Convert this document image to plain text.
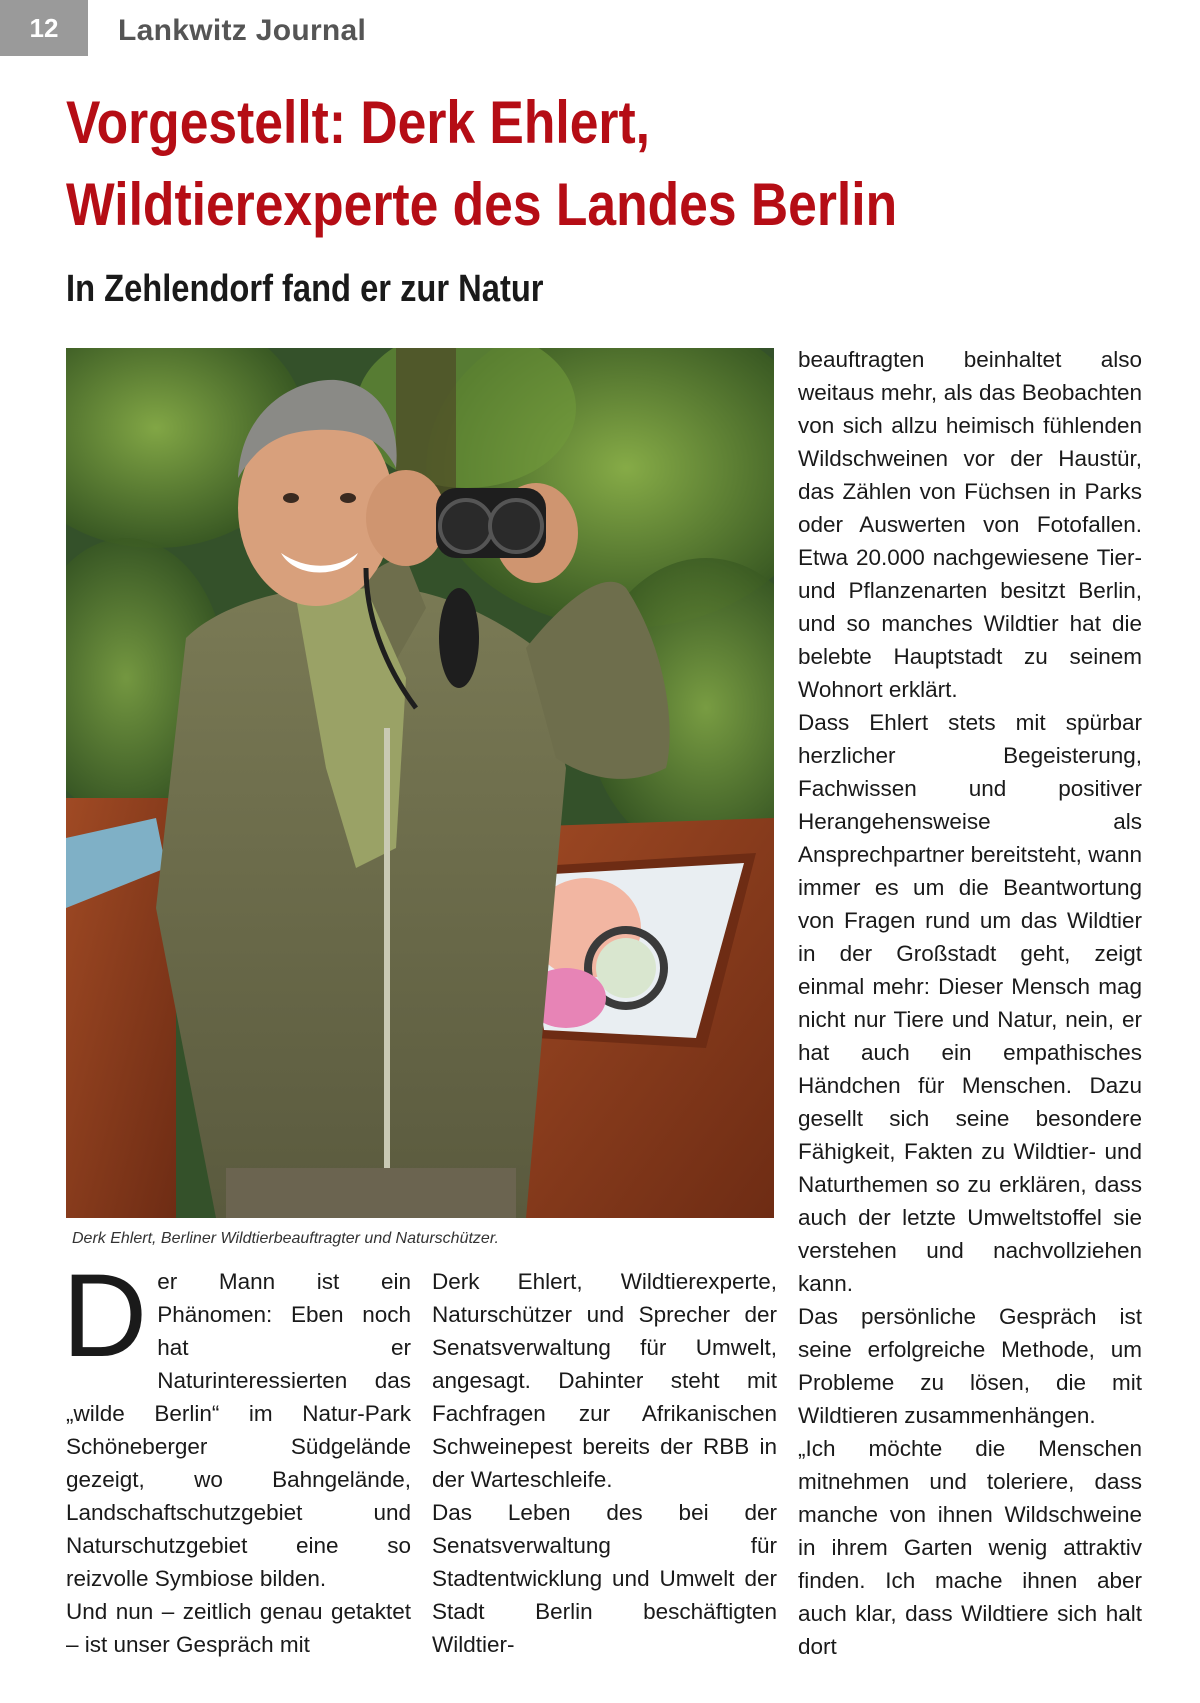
12	Lankwitz Journal
Vorgestellt: Derk Ehlert,
Wildtierexperte des Landes Berlin
In Zehlendorf fand er zur Natur
Derk Ehlert, Berliner Wildtierbeauftragter und Naturschützer.
D er Mann ist ein Phänomen: Eben noch hat er Naturinteressierten das „wilde Berlin“ im Natur-Park Schöneberger Südgelände gezeigt, wo Bahngelände, Landschaftschutzgebiet und Naturschutzgebiet eine so reizvolle Symbiose bilden.

Und nun – zeitlich genau getaktet – ist unser Gespräch mit

Derk Ehlert, Wildtierexperte, Naturschützer und Sprecher der Senatsverwaltung für Umwelt, angesagt. Dahinter steht mit Fachfragen zur Afrikanischen Schweinepest bereits der RBB in der Warteschleife.

Das Leben des bei der Senatsverwaltung für Stadtentwicklung und Umwelt der Stadt Berlin beschäftigten Wildtier-

beauftragten beinhaltet also weitaus mehr, als das Beobachten von sich allzu heimisch fühlenden Wildschweinen vor der Haustür, das Zählen von Füchsen in Parks oder Auswerten von Fotofallen. Etwa 20.000 nachgewiesene Tier- und Pflanzenarten besitzt Berlin, und so manches Wildtier hat die belebte Hauptstadt zu seinem Wohnort erklärt.

Dass Ehlert stets mit spürbar herzlicher Begeisterung, Fachwissen und positiver Herangehensweise als Ansprechpartner bereitsteht, wann immer es um die Beantwortung von Fragen rund um das Wildtier in der Großstadt geht, zeigt einmal mehr: Dieser Mensch mag nicht nur Tiere und Natur, nein, er hat auch ein empathisches Händchen für Menschen. Dazu gesellt sich seine besondere Fähigkeit, Fakten zu Wildtier- und Naturthemen so zu erklären, dass auch der letzte Umweltstoffel sie verstehen und nachvollziehen kann.

Das persönliche Gespräch ist seine erfolgreiche Methode, um Probleme zu lösen, die mit Wildtieren zusammenhängen.

„Ich möchte die Menschen mitnehmen und toleriere, dass manche von ihnen Wildschweine in ihrem Garten wenig attraktiv finden. Ich mache ihnen aber auch klar, dass Wildtiere sich halt dort
